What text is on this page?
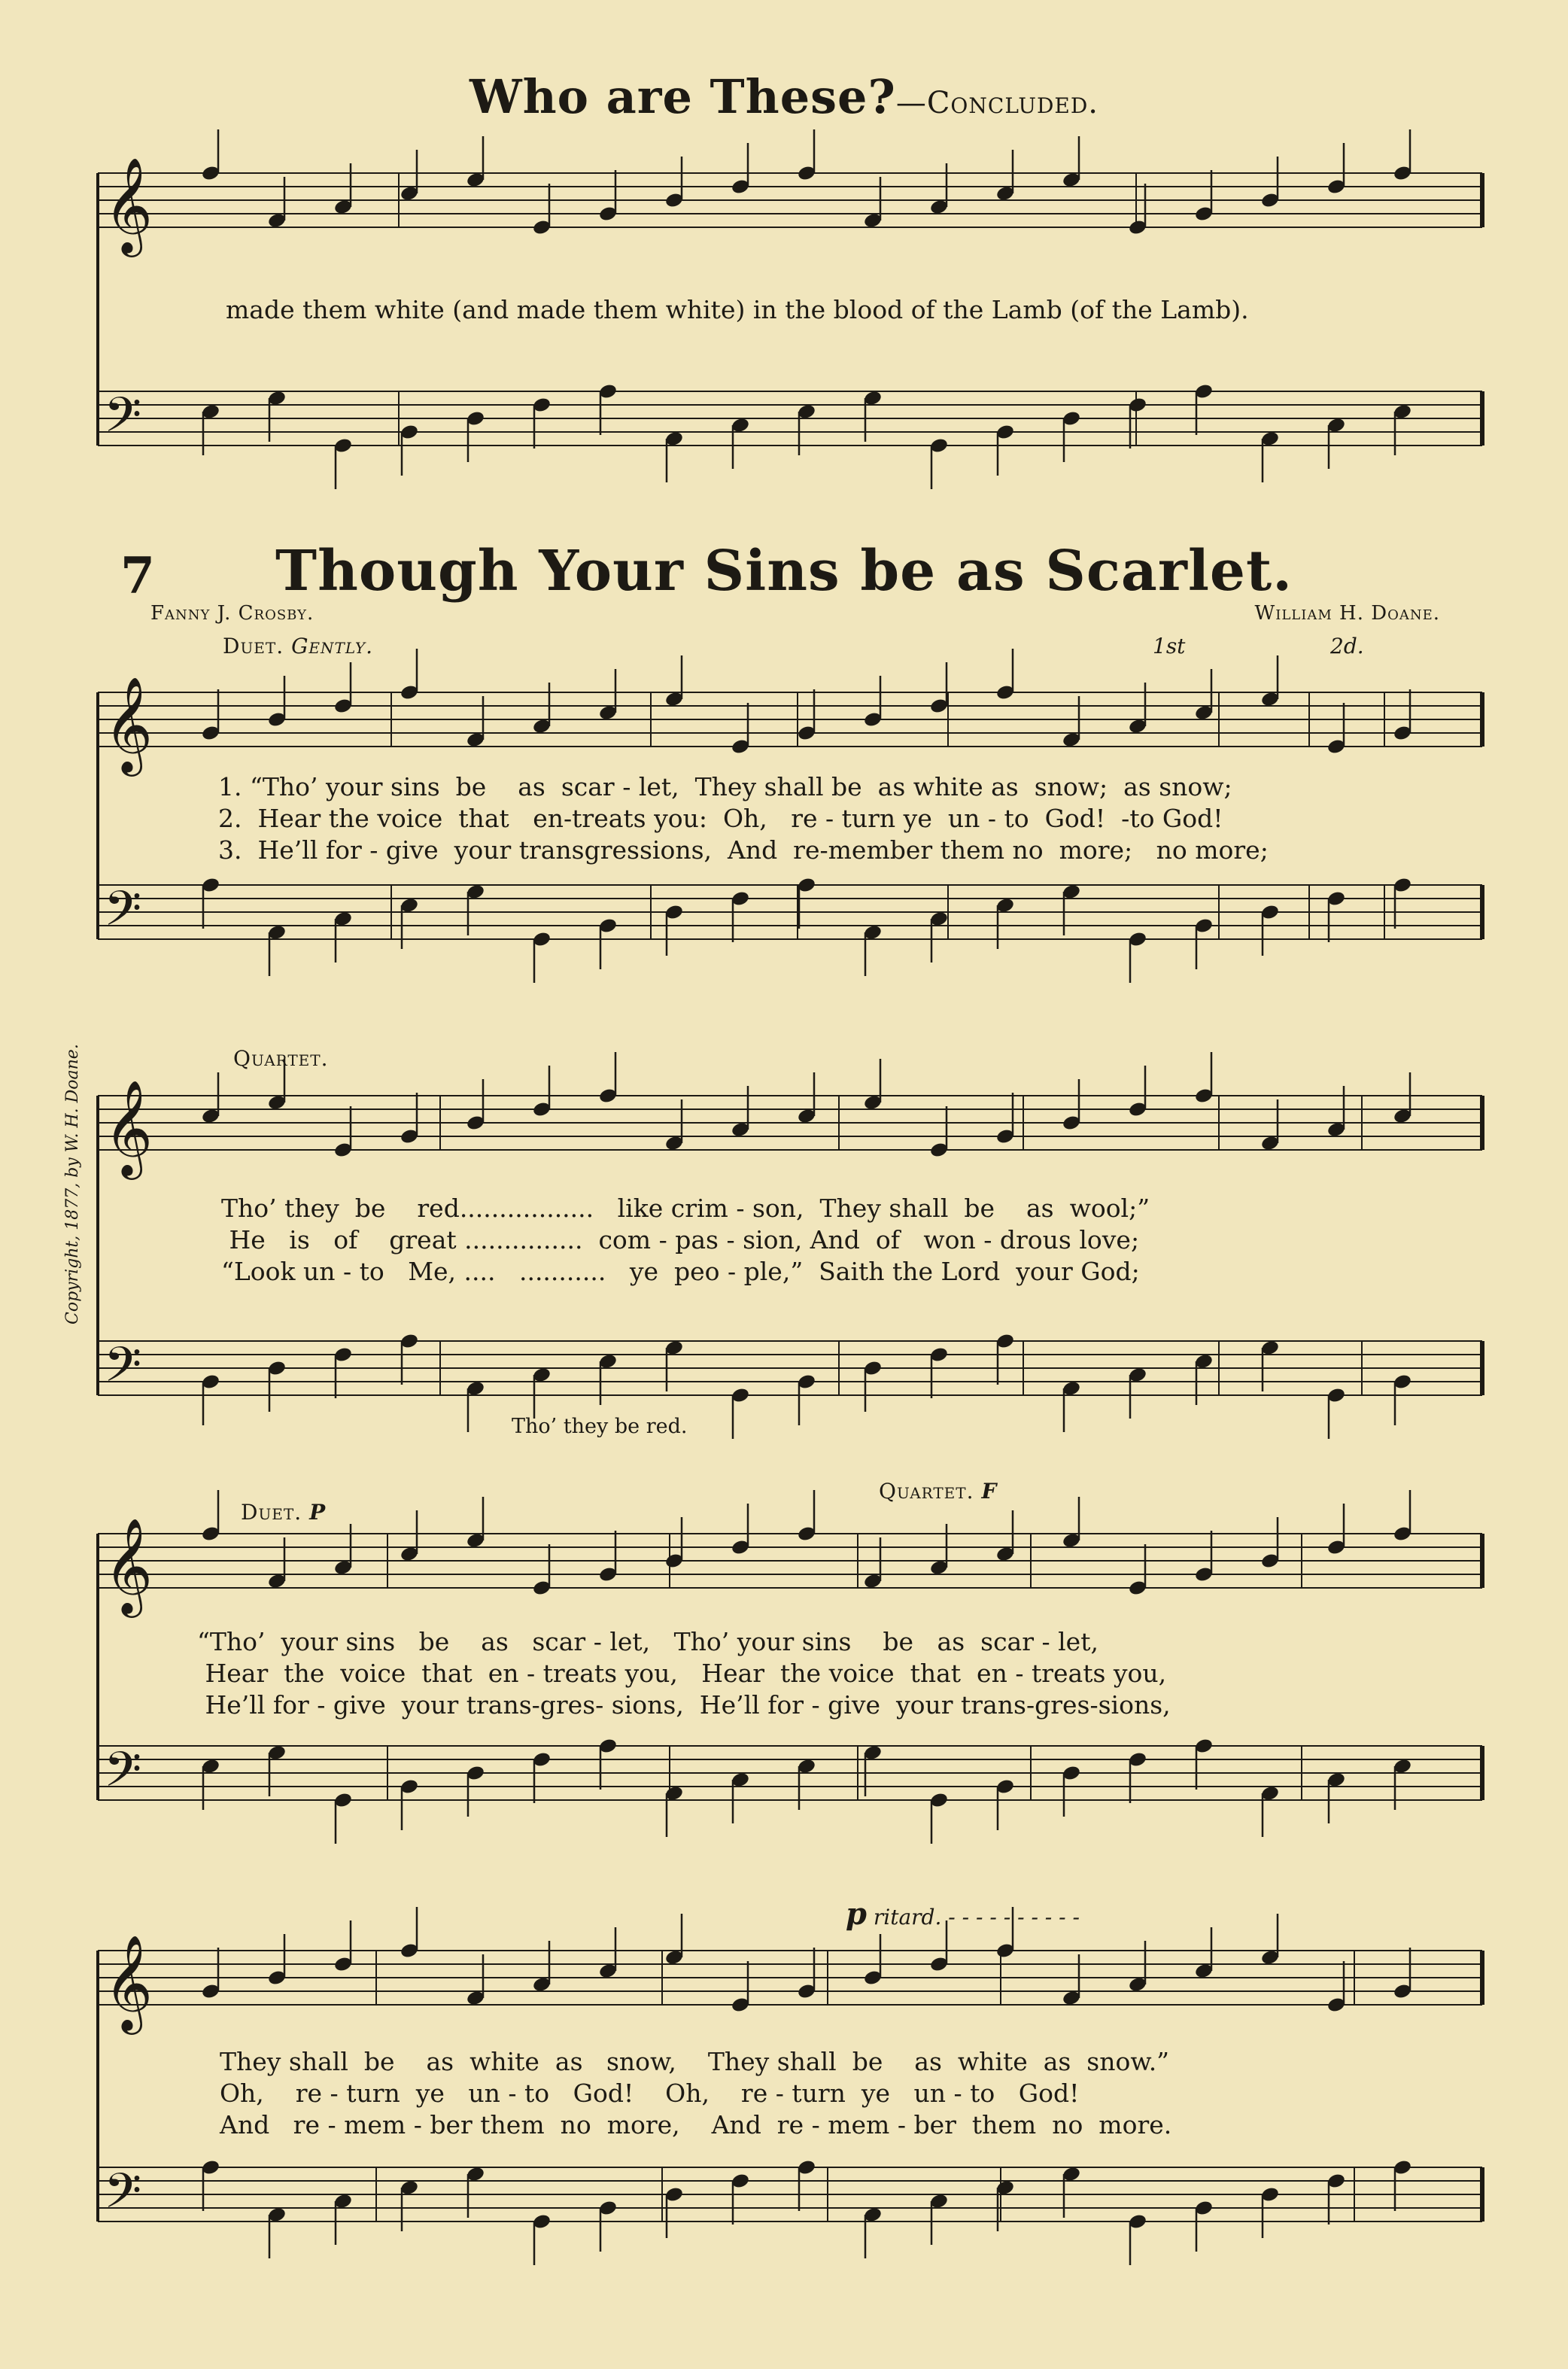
Who are These?—Concluded.
7	Though Your Sins be as Scarlet.
Fanny J. Crosby.	William H. Doane.
Copyright, 1877, by W. H. Doane.
Duet. Gently.	1st	2d.
Quartet.
Tho’ they be red.
Duet. p
Quartet. f
p ritard. - - - - - - - - - -
made them white (and made them white) in the blood of the Lamb (of the Lamb).
1. “Tho’ your sins  be    as  scar - let,  They shall be  as white as  snow;  as snow;
2.  Hear the voice  that   en-treats you:  Oh,   re - turn ye  un - to  God!  -to God!
3.  He’ll for - give  your transgressions,  And  re-member them no  more;   no more;
Tho’ they  be    red.................   like crim - son,  They shall  be    as  wool;”
He   is   of    great ...............  com - pas - sion, And  of   won - drous love;
“Look un - to   Me, ....   ...........   ye  peo - ple,”  Saith the Lord  your God;
“Tho’  your sins   be    as   scar - let,   Tho’ your sins    be   as  scar - let,
Hear  the  voice  that  en - treats you,   Hear  the voice  that  en - treats you,
He’ll for - give  your trans-gres- sions,  He’ll for - give  your trans-gres-sions,
They shall  be    as  white  as   snow,    They shall  be    as  white  as  snow.”
Oh,    re - turn  ye   un - to   God!    Oh,    re - turn  ye   un - to   God!
And   re - mem - ber them  no  more,    And  re - mem - ber  them  no  more.
𝄞
𝄢
𝄞
𝄢
𝄞
𝄢
𝄞
𝄢
𝄞
𝄢
